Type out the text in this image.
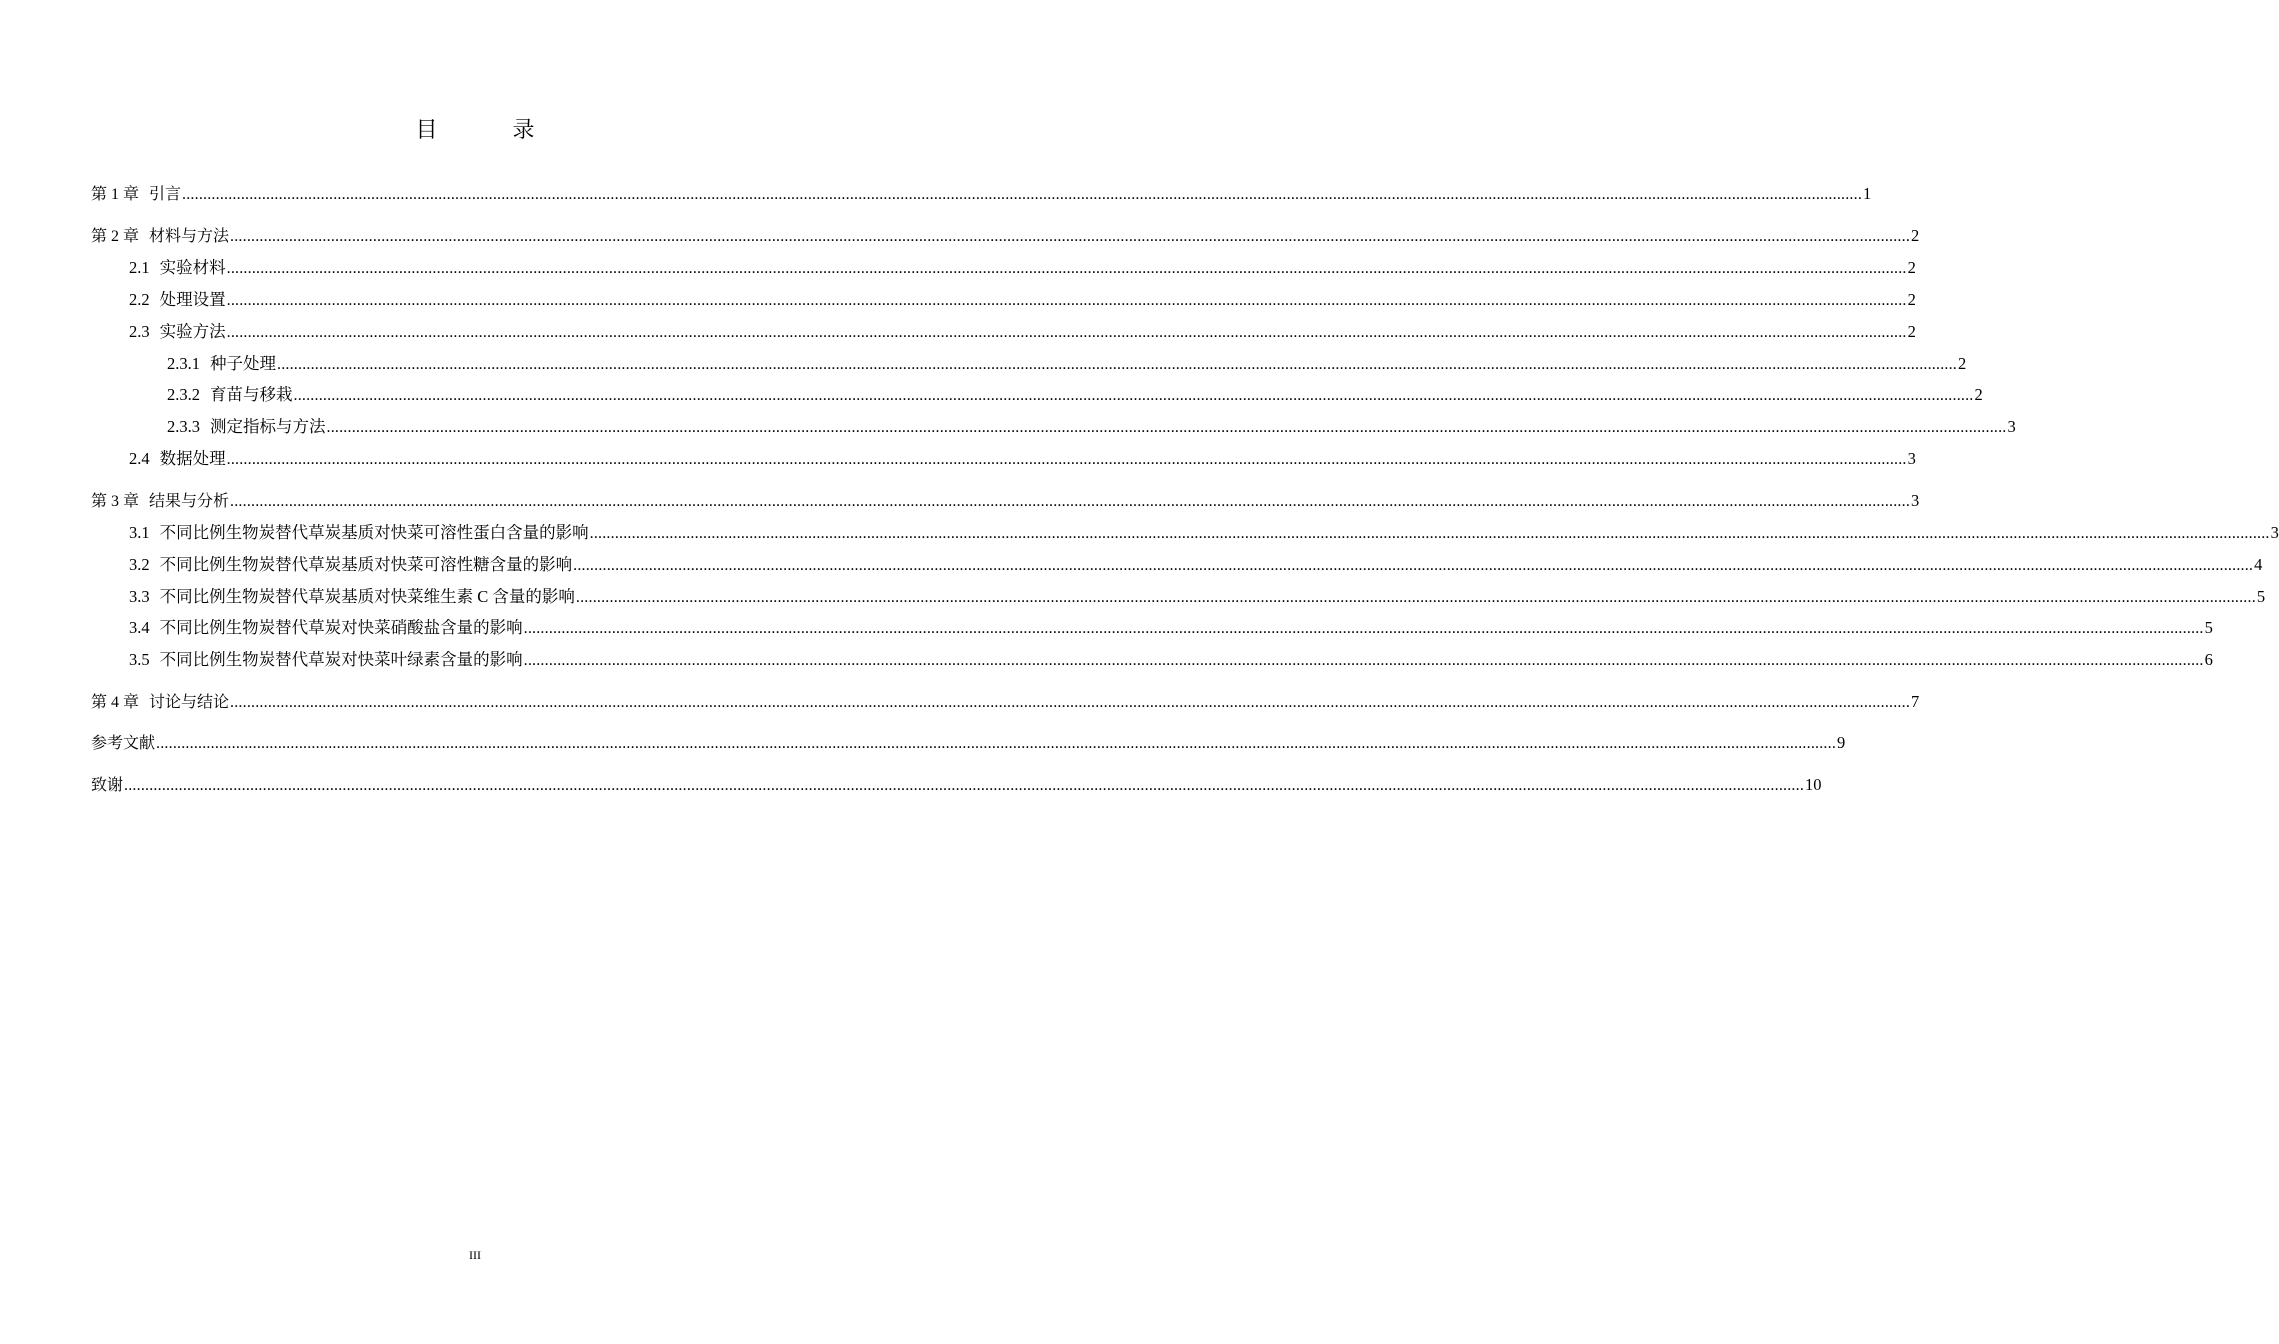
目 录
第 1 章 引言 ................................................................................................................................................................................................................................................................................................................................................................................................................ 1
第 2 章 材料与方法 ................................................................................................................................................................................................................................................................................................................................................................................................................ 2
2.1 实验材料 ................................................................................................................................................................................................................................................................................................................................................................................................................ 2
2.2 处理设置 ................................................................................................................................................................................................................................................................................................................................................................................................................ 2
2.3 实验方法 ................................................................................................................................................................................................................................................................................................................................................................................................................ 2
2.3.1 种子处理 ................................................................................................................................................................................................................................................................................................................................................................................................................ 2
2.3.2 育苗与移栽 ................................................................................................................................................................................................................................................................................................................................................................................................................ 2
2.3.3 测定指标与方法 ................................................................................................................................................................................................................................................................................................................................................................................................................ 3
2.4 数据处理 ................................................................................................................................................................................................................................................................................................................................................................................................................ 3
第 3 章 结果与分析 ................................................................................................................................................................................................................................................................................................................................................................................................................ 3
3.1 不同比例生物炭替代草炭基质对快菜可溶性蛋白含量的影响 ................................................................................................................................................................................................................................................................................................................................................................................................................ 3
3.2 不同比例生物炭替代草炭基质对快菜可溶性糖含量的影响 ................................................................................................................................................................................................................................................................................................................................................................................................................ 4
3.3 不同比例生物炭替代草炭基质对快菜维生素 C 含量的影响 ................................................................................................................................................................................................................................................................................................................................................................................................................ 5
3.4 不同比例生物炭替代草炭对快菜硝酸盐含量的影响 ................................................................................................................................................................................................................................................................................................................................................................................................................ 5
3.5 不同比例生物炭替代草炭对快菜叶绿素含量的影响 ................................................................................................................................................................................................................................................................................................................................................................................................................ 6
第 4 章 讨论与结论 ................................................................................................................................................................................................................................................................................................................................................................................................................ 7
参考文献 ................................................................................................................................................................................................................................................................................................................................................................................................................ 9
致谢 ................................................................................................................................................................................................................................................................................................................................................................................................................ 10
III
